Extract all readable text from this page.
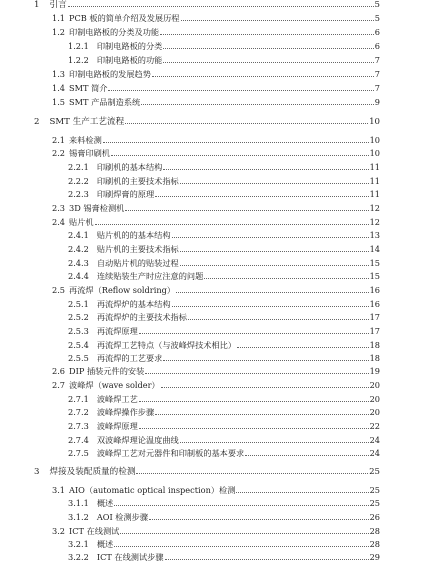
1 引言	5
1.1 PCB 板的简单介绍及发展历程	5
1.2 印制电路板的分类及功能	6
1.2.1 印制电路板的分类	6
1.2.2 印制电路板的功能	7
1.3 印制电路板的发展趋势	7
1.4 SMT 简介	7
1.5 SMT 产品制造系统	9
2 SMT 生产工艺流程	10
2.1 来料检测	10
2.2 锡膏印刷机	10
2.2.1 印刷机的基本结构	11
2.2.2 印刷机的主要技术指标	11
2.2.3 印刷焊膏的原理	11
2.3 3D 锡膏检测机	12
2.4 贴片机	12
2.4.1 贴片机的的基本结构	13
2.4.2 贴片机的主要技术指标	14
2.4.3 自动贴片机的贴装过程	15
2.4.4 连续贴装生产时应注意的问题	15
2.5 再流焊（Reflow soldring）	16
2.5.1 再流焊炉的基本结构	16
2.5.2 再流焊炉的主要技术指标	17
2.5.3 再流焊原理	17
2.5.4 再流焊工艺特点（与波峰焊技术相比）	18
2.5.5 再流焊的工艺要求	18
2.6 DIP 插装元件的安装	19
2.7 波峰焊（wave solder）	20
2.7.1 波峰焊工艺	20
2.7.2 波峰焊操作步骤	20
2.7.3 波峰焊原理	22
2.7.4 双波峰焊理论温度曲线	24
2.7.5 波峰焊工艺对元器件和印制板的基本要求	24
3 焊接及装配质量的检测	25
3.1 AIO（automatic optical inspection）检测	25
3.1.1 概述	25
3.1.2 AOI 检测步骤	26
3.2 ICT 在线测试	28
3.2.1 概述	28
3.2.2 ICT 在线测试步骤	29
